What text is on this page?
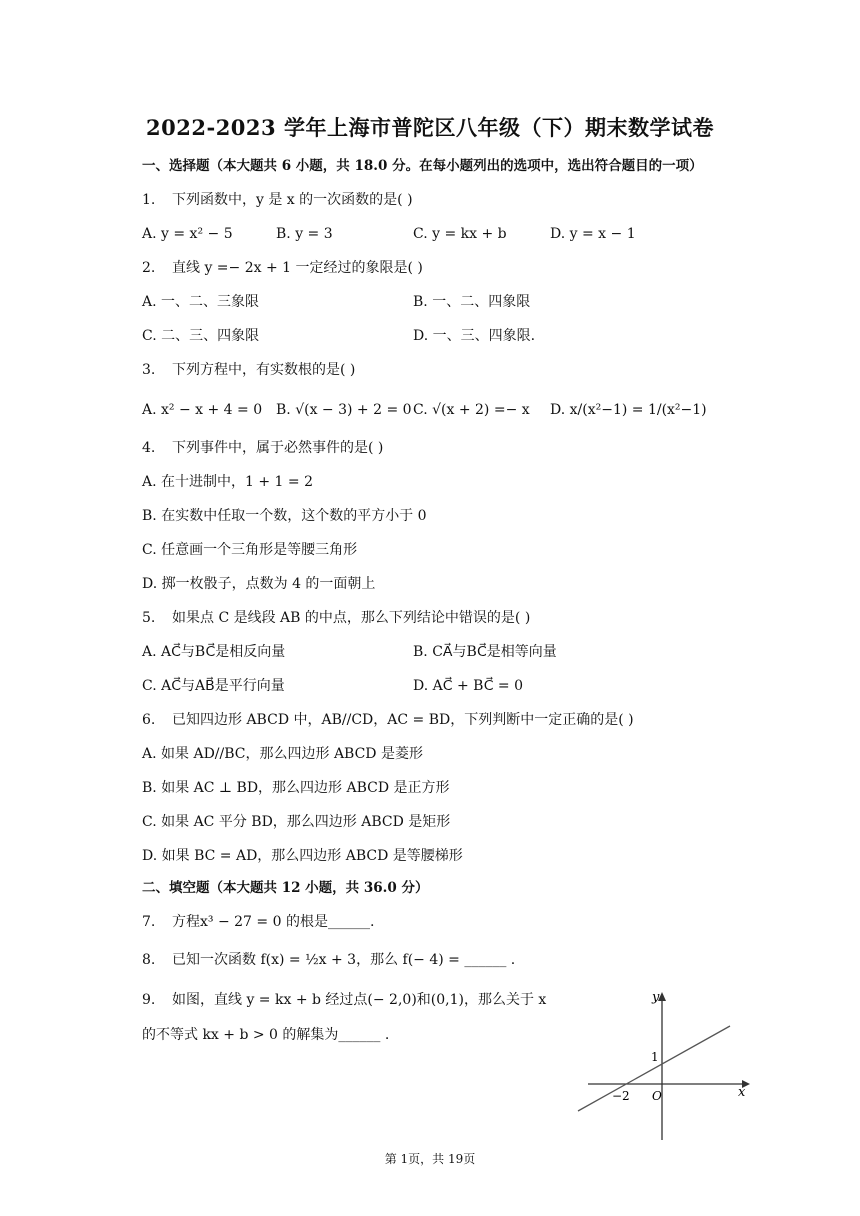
2022-2023 学年上海市普陀区八年级（下）期末数学试卷
一、选择题（本大题共 6 小题，共 18.0 分。在每小题列出的选项中，选出符合题目的一项）
1. 下列函数中，y 是 x 的一次函数的是( )
A. y = x² − 5	B. y = 3	C. y = kx + b	D. y = x − 1
2. 直线 y =− 2x + 1 一定经过的象限是( )
A. 一、二、三象限	B. 一、二、四象限
C. 二、三、四象限	D. 一、三、四象限.
3. 下列方程中，有实数根的是( )
A. x² − x + 4 = 0 B. √(x − 3) + 2 = 0 C. √(x + 2) =− x D. x/(x²−1) = 1/(x²−1)
4. 下列事件中，属于必然事件的是( )
A. 在十进制中，1 + 1 = 2
B. 在实数中任取一个数，这个数的平方小于 0
C. 任意画一个三角形是等腰三角形
D. 掷一枚骰子，点数为 4 的一面朝上
5. 如果点 C 是线段 AB 的中点，那么下列结论中错误的是( )
A. AC⃗与BC⃗是相反向量	B. CA⃗与BC⃗是相等向量
C. AC⃗与AB⃗是平行向量	D. AC⃗ + BC⃗ = 0
6. 已知四边形 ABCD 中，AB//CD，AC = BD，下列判断中一定正确的是( )
A. 如果 AD//BC，那么四边形 ABCD 是菱形
B. 如果 AC ⊥ BD，那么四边形 ABCD 是正方形
C. 如果 AC 平分 BD，那么四边形 ABCD 是矩形
D. 如果 BC = AD，那么四边形 ABCD 是等腰梯形
二、填空题（本大题共 12 小题，共 36.0 分）
7. 方程x³ − 27 = 0 的根是______.
8. 已知一次函数 f(x) = ½x + 3，那么 f(− 4) = ______ .
9. 如图，直线 y = kx + b 经过点(− 2,0)和(0,1)，那么关于 x
的不等式 kx + b > 0 的解集为______ .
y
x
1
O
−2
第 1页，共 19页
